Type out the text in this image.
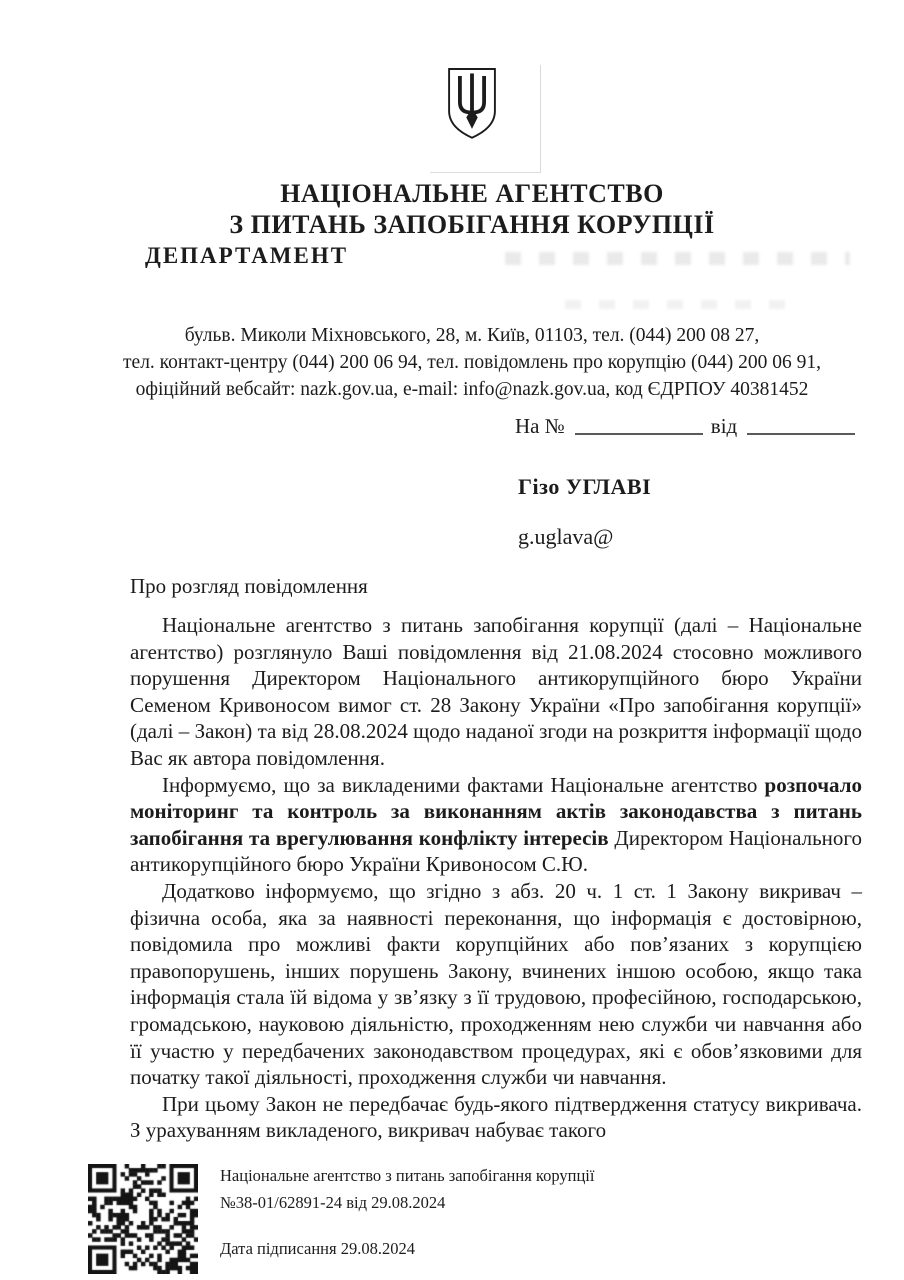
НАЦІОНАЛЬНЕ АГЕНТСТВО
З ПИТАНЬ ЗАПОБІГАННЯ КОРУПЦІЇ
ДЕПАРТАМЕНТ
бульв. Миколи Міхновського, 28, м. Київ, 01103, тел. (044) 200 08 27,
тел. контакт-центру (044) 200 06 94, тел. повідомлень про корупцію (044) 200 06 91,
офіційний вебсайт: nazk.gov.ua, e-mail: info@nazk.gov.ua, код ЄДРПОУ 40381452
На №	від
Гізо УГЛАВІ
g.uglava@
Про розгляд повідомлення

Національне агентство з питань запобігання корупції (далі – Національне агентство) розглянуло Ваші повідомлення від 21.08.2024 стосовно можливого порушення Директором Національного антикорупційного бюро України Семеном Кривоносом вимог ст. 28 Закону України «Про запобігання корупції» (далі – Закон) та від 28.08.2024 щодо наданої згоди на розкриття інформації щодо Вас як автора повідомлення.

Інформуємо, що за викладеними фактами Національне агентство розпочало моніторинг та контроль за виконанням актів законодавства з питань запобігання та врегулювання конфлікту інтересів Директором Національного антикорупційного бюро України Кривоносом С.Ю.

Додатково інформуємо, що згідно з абз. 20 ч. 1 ст. 1 Закону викривач – фізична особа, яка за наявності переконання, що інформація є достовірною, повідомила про можливі факти корупційних або пов’язаних з корупцією правопорушень, інших порушень Закону, вчинених іншою особою, якщо така інформація стала їй відома у зв’язку з її трудовою, професійною, господарською, громадською, науковою діяльністю, проходженням нею служби чи навчання або її участю у передбачених законодавством процедурах, які є обов’язковими для початку такої діяльності, проходження служби чи навчання.

При цьому Закон не передбачає будь-якого підтвердження статусу викривача. З урахуванням викладеного, викривач набуває такого

Національне агентство з питань запобігання корупції
№38-01/62891-24 від 29.08.2024
Дата підписання 29.08.2024
